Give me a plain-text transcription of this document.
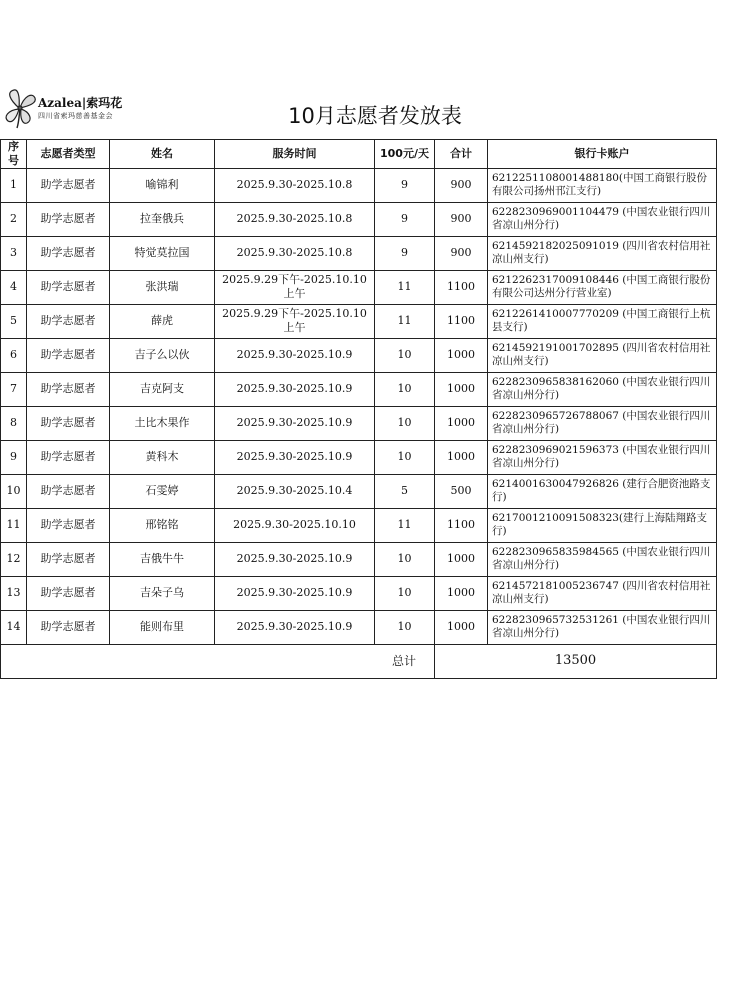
Azalea|索玛花
四川省索玛慈善基金会	10月志愿者发放表
序号	志愿者类型	姓名	服务时间	100元/天	合计	银行卡账户
1	助学志愿者	喻锦利	2025.9.30-2025.10.8	9	900	6212251108001488180(中国工商银行股份有限公司扬州邗江支行)
2	助学志愿者	拉奎俄兵	2025.9.30-2025.10.8	9	900	6228230969001104479 (中国农业银行四川省凉山州分行)
3	助学志愿者	特觉莫拉国	2025.9.30-2025.10.8	9	900	6214592182025091019 (四川省农村信用社凉山州支行)
4	助学志愿者	张洪瑞	2025.9.29下午-2025.10.10上午	11	1100	6212262317009108446 (中国工商银行股份有限公司达州分行营业室)
5	助学志愿者	薛虎	2025.9.29下午-2025.10.10上午	11	1100	6212261410007770209 (中国工商银行上杭县支行)
6	助学志愿者	吉子么以伙	2025.9.30-2025.10.9	10	1000	6214592191001702895 (四川省农村信用社凉山州支行)
7	助学志愿者	吉克阿支	2025.9.30-2025.10.9	10	1000	6228230965838162060 (中国农业银行四川省凉山州分行)
8	助学志愿者	土比木果作	2025.9.30-2025.10.9	10	1000	6228230965726788067 (中国农业银行四川省凉山州分行)
9	助学志愿者	黄科木	2025.9.30-2025.10.9	10	1000	6228230969021596373 (中国农业银行四川省凉山州分行)
10	助学志愿者	石雯婷	2025.9.30-2025.10.4	5	500	6214001630047926826 (建行合肥资池路支行)
11	助学志愿者	邢铭铭	2025.9.30-2025.10.10	11	1100	6217001210091508323(建行上海陆翔路支行)
12	助学志愿者	吉俄牛牛	2025.9.30-2025.10.9	10	1000	6228230965835984565 (中国农业银行四川省凉山州分行)
13	助学志愿者	吉朵子乌	2025.9.30-2025.10.9	10	1000	6214572181005236747 (四川省农村信用社凉山州支行)
14	助学志愿者	能则布里	2025.9.30-2025.10.9	10	1000	6228230965732531261 (中国农业银行四川省凉山州分行)
总计					13500	
